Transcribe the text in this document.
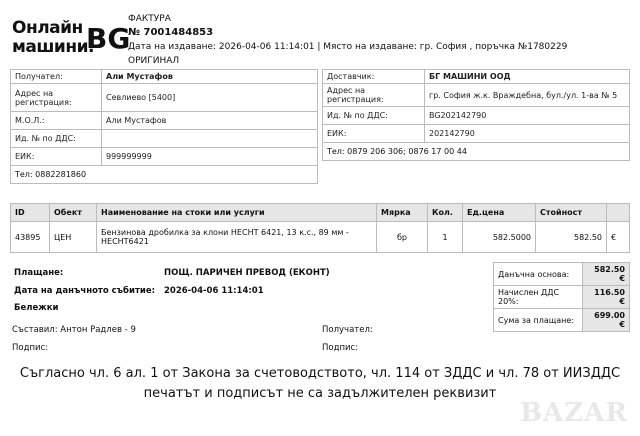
Онлайн
машини.
BG
ФАКТУРА
№ 7001484853
Дата на издаване: 2026-04-06 11:14:01 | Място на издаване: гр. София , поръчка №1780229
ОРИГИНАЛ
Получател:	Али Мустафов
Адрес на регистрация:	Севлиево [5400]
М.О.Л.:	Али Мустафов
Ид. № по ДДС:	
ЕИК:	999999999
Тел: 0882281860	
Доставчик:	БГ МАШИНИ ООД
Адрес на регистрация:	гр. София ж.к. Враждебна, бул./ул. 1-ва № 5
Ид. № по ДДС:	BG202142790
ЕИК:	202142790
Тел: 0879 206 306; 0876 17 00 44	
ID	Обект	Наименование на стоки или услуги	Мярка	Кол.	Ед.цена	Стойност	
43895	ЦЕН	Бензинова дробилка за клони HECHT 6421, 13 к.с., 89 мм - HECHT6421	бр	1	582.5000	582.50	€
Плащане:	ПОЩ. ПАРИЧЕН ПРЕВОД (ЕКОНТ)
Дата на данъчното събитие: 2026-04-06 11:14:01
Бележки
Данъчна основа:	582.50 €
Начислен ДДС 20%:	116.50 €
Сума за плащане:	699.00 €
Съставил: Антон Радлев - 9	Получател:
Подпис:	Подпис:
Съгласно чл. 6 ал. 1 от Закона за счетоводството, чл. 114 от ЗДДС и чл. 78 от ИИЗДДС
печатът и подписът не са задължителен реквизит
BAZAR
